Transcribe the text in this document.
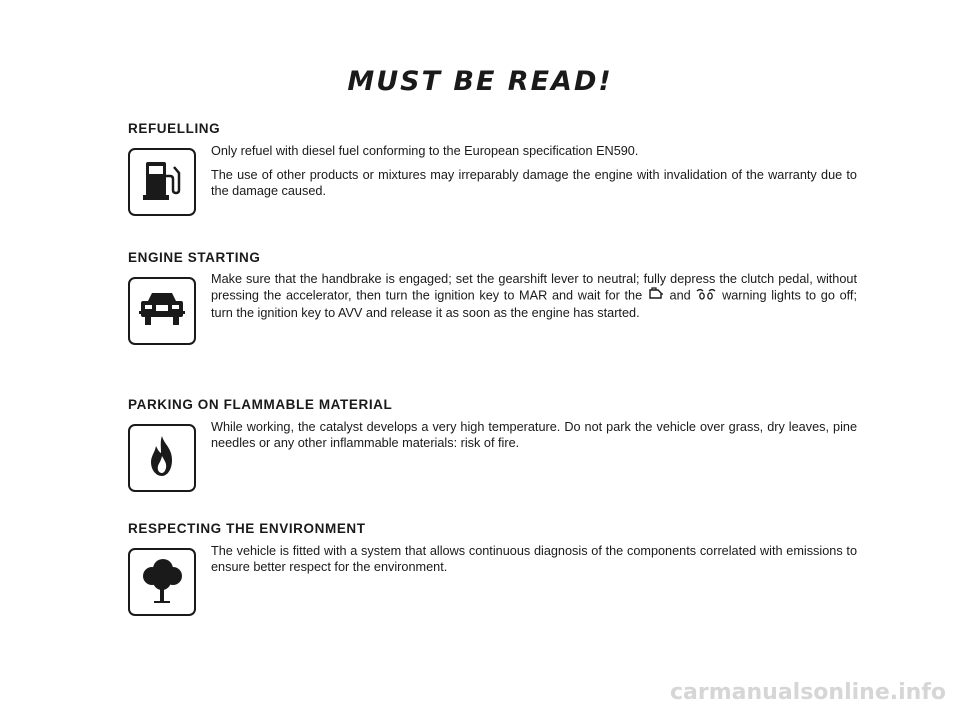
MUST BE READ!
REFUELLING

Only refuel with diesel fuel conforming to the European specification EN590.

The use of other products or mixtures may irreparably damage the engine with invalidation of the warranty due to the damage caused.

ENGINE STARTING

Make sure that the handbrake is engaged; set the gearshift lever to neutral; fully depress the clutch pedal, without pressing the accelerator, then turn the ignition key to MAR and wait for the and warning lights to go off; turn the ignition key to AVV and release it as soon as the engine has started.

PARKING ON FLAMMABLE MATERIAL

While working, the catalyst develops a very high temperature. Do not park the vehicle over grass, dry leaves, pine needles or any other inflammable materials: risk of fire.

RESPECTING THE ENVIRONMENT

The vehicle is fitted with a system that allows continuous diagnosis of the components correlated with emissions to ensure better respect for the environment.

carmanualsonline.info
